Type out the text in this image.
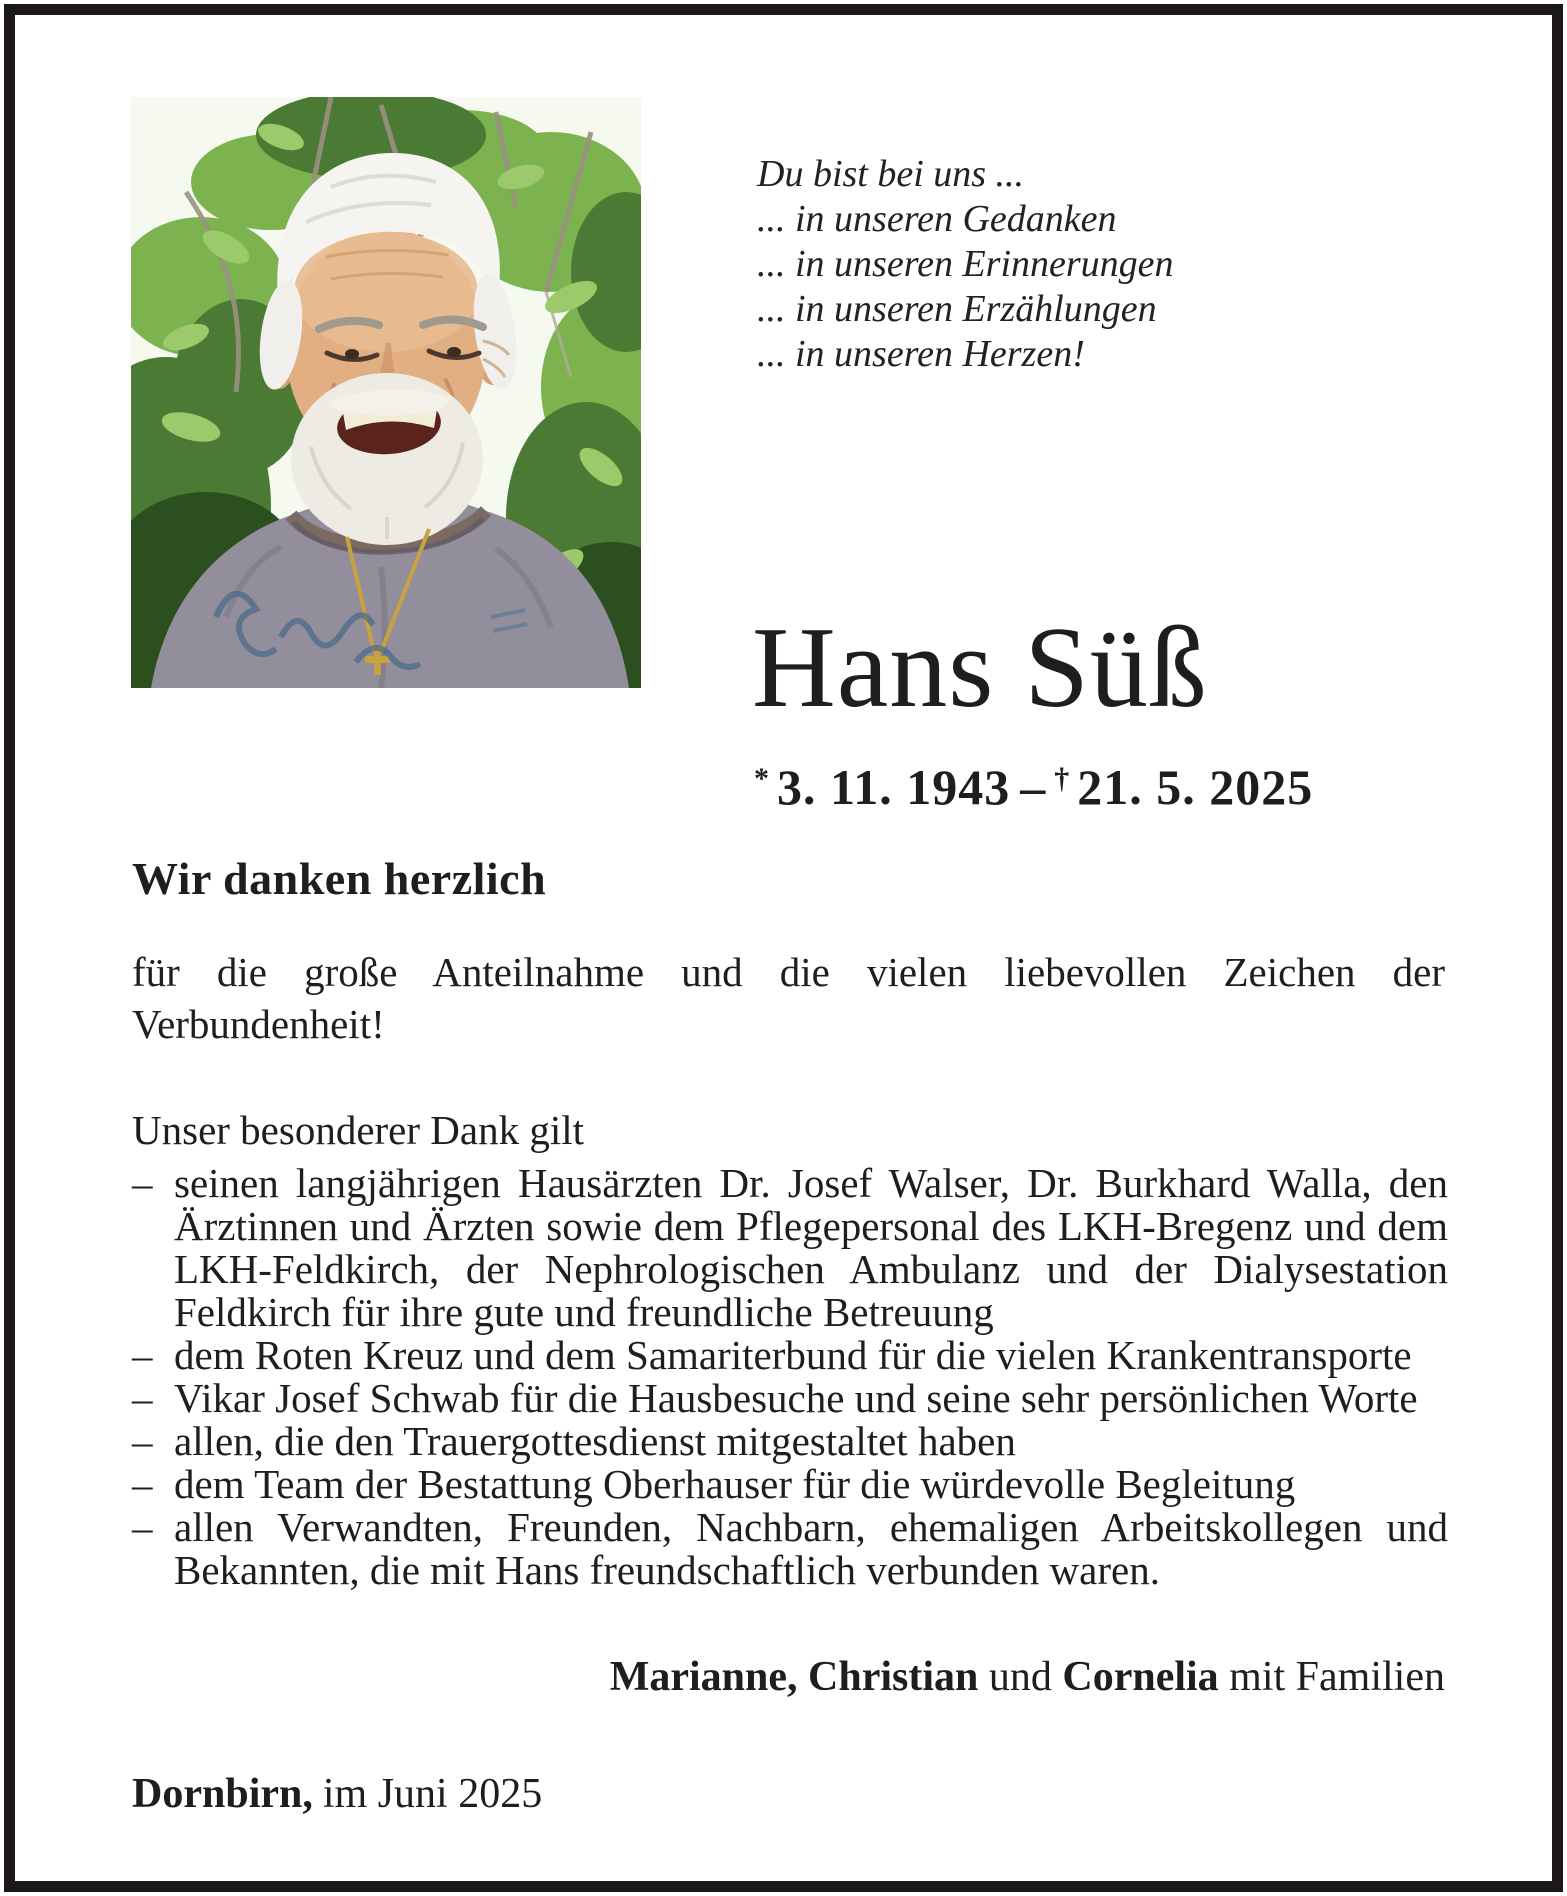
Du bist bei uns ...
... in unseren Gedanken
... in unseren Erinnerungen
... in unseren Erzählungen
... in unseren Herzen!
Hans Süß
* 3. 11. 1943 – † 21. 5. 2025
Wir danken herzlich
für die große Anteilnahme und die vielen liebevollen Zeichen der Verbundenheit!
Unser besonderer Dank gilt
– seinen langjährigen Hausärzten Dr. Josef Walser, Dr. Burkhard Walla, den Ärztinnen und Ärzten sowie dem Pflegepersonal des LKH-Bregenz und dem LKH-Feldkirch, der Nephrologischen Ambulanz und der Dialysestation Feldkirch für ihre gute und freundliche Betreuung
– dem Roten Kreuz und dem Samariterbund für die vielen Krankentransporte
– Vikar Josef Schwab für die Hausbesuche und seine sehr persönlichen Worte
– allen, die den Trauergottesdienst mitgestaltet haben
– dem Team der Bestattung Oberhauser für die würdevolle Begleitung
– allen Verwandten, Freunden, Nachbarn, ehemaligen Arbeitskollegen und Bekannten, die mit Hans freundschaftlich verbunden waren.
Marianne, Christian und Cornelia mit Familien
Dornbirn, im Juni 2025
